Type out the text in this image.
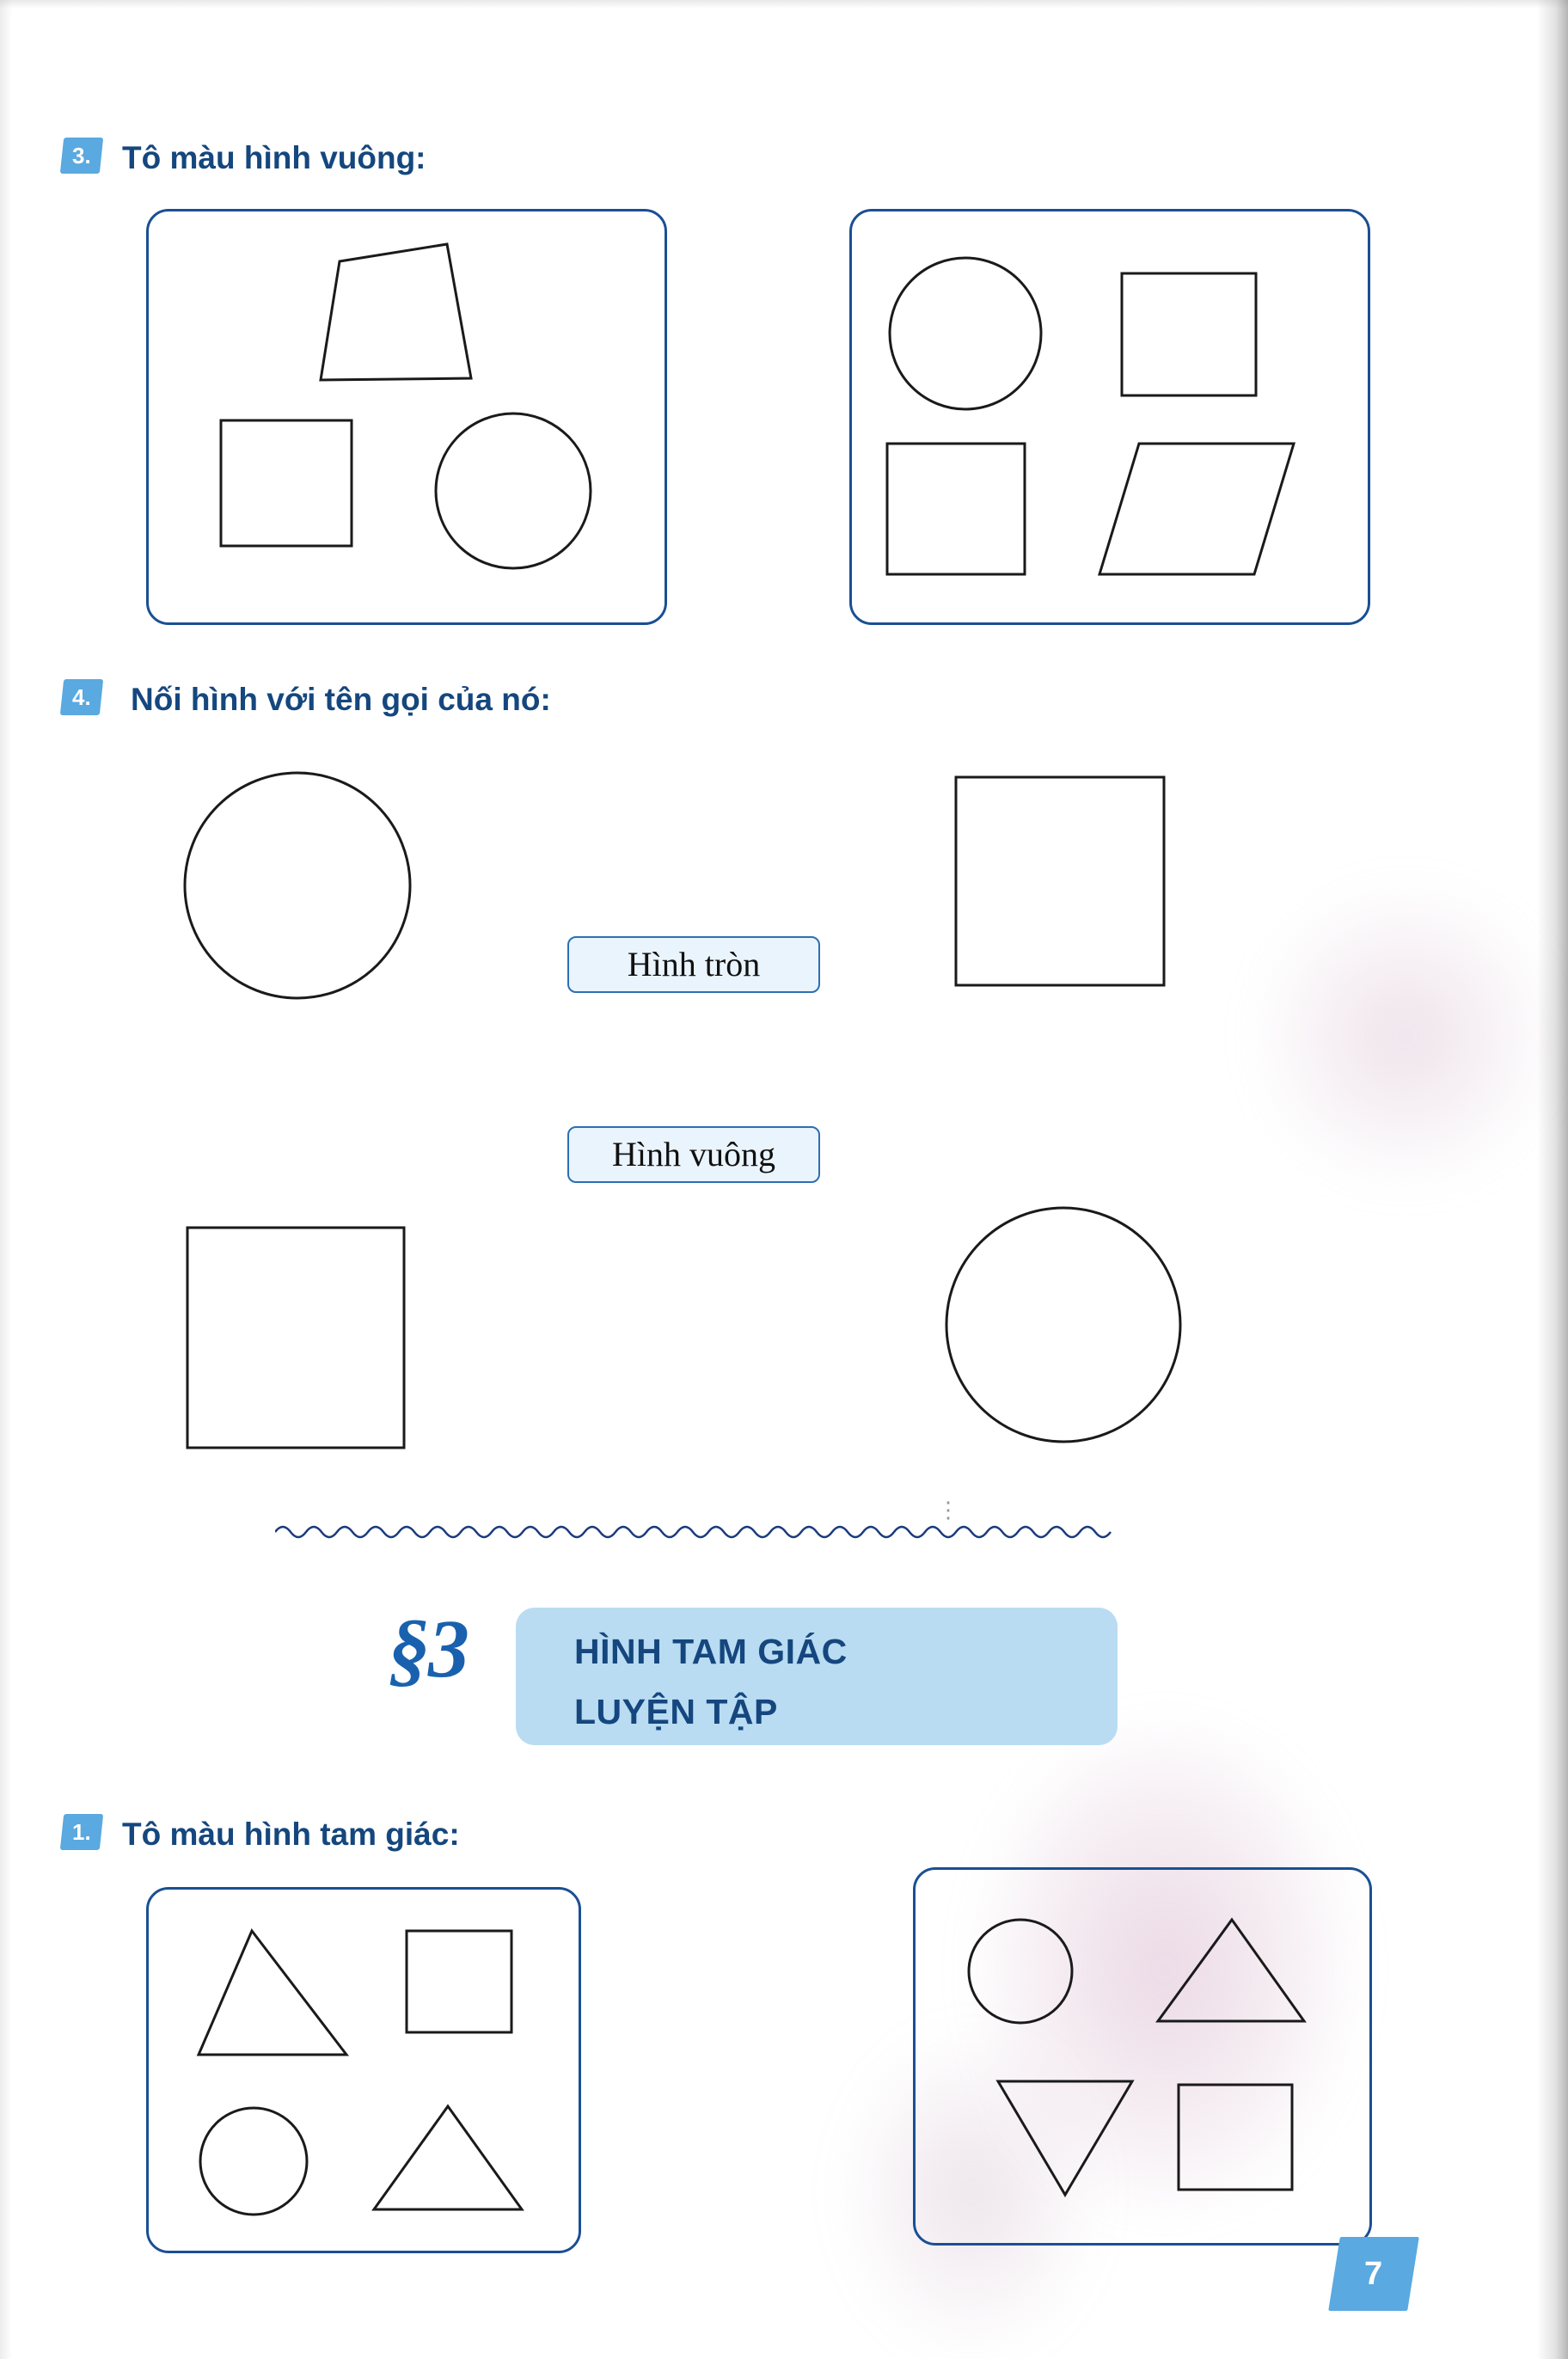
3. Tô màu hình vuông:
4.	Nối hình với tên gọi của nó:
Hình tròn
Hình vuông
⋮
§3	HÌNH TAM GIÁC
LUYỆN TẬP
1. Tô màu hình tam giác:
7
